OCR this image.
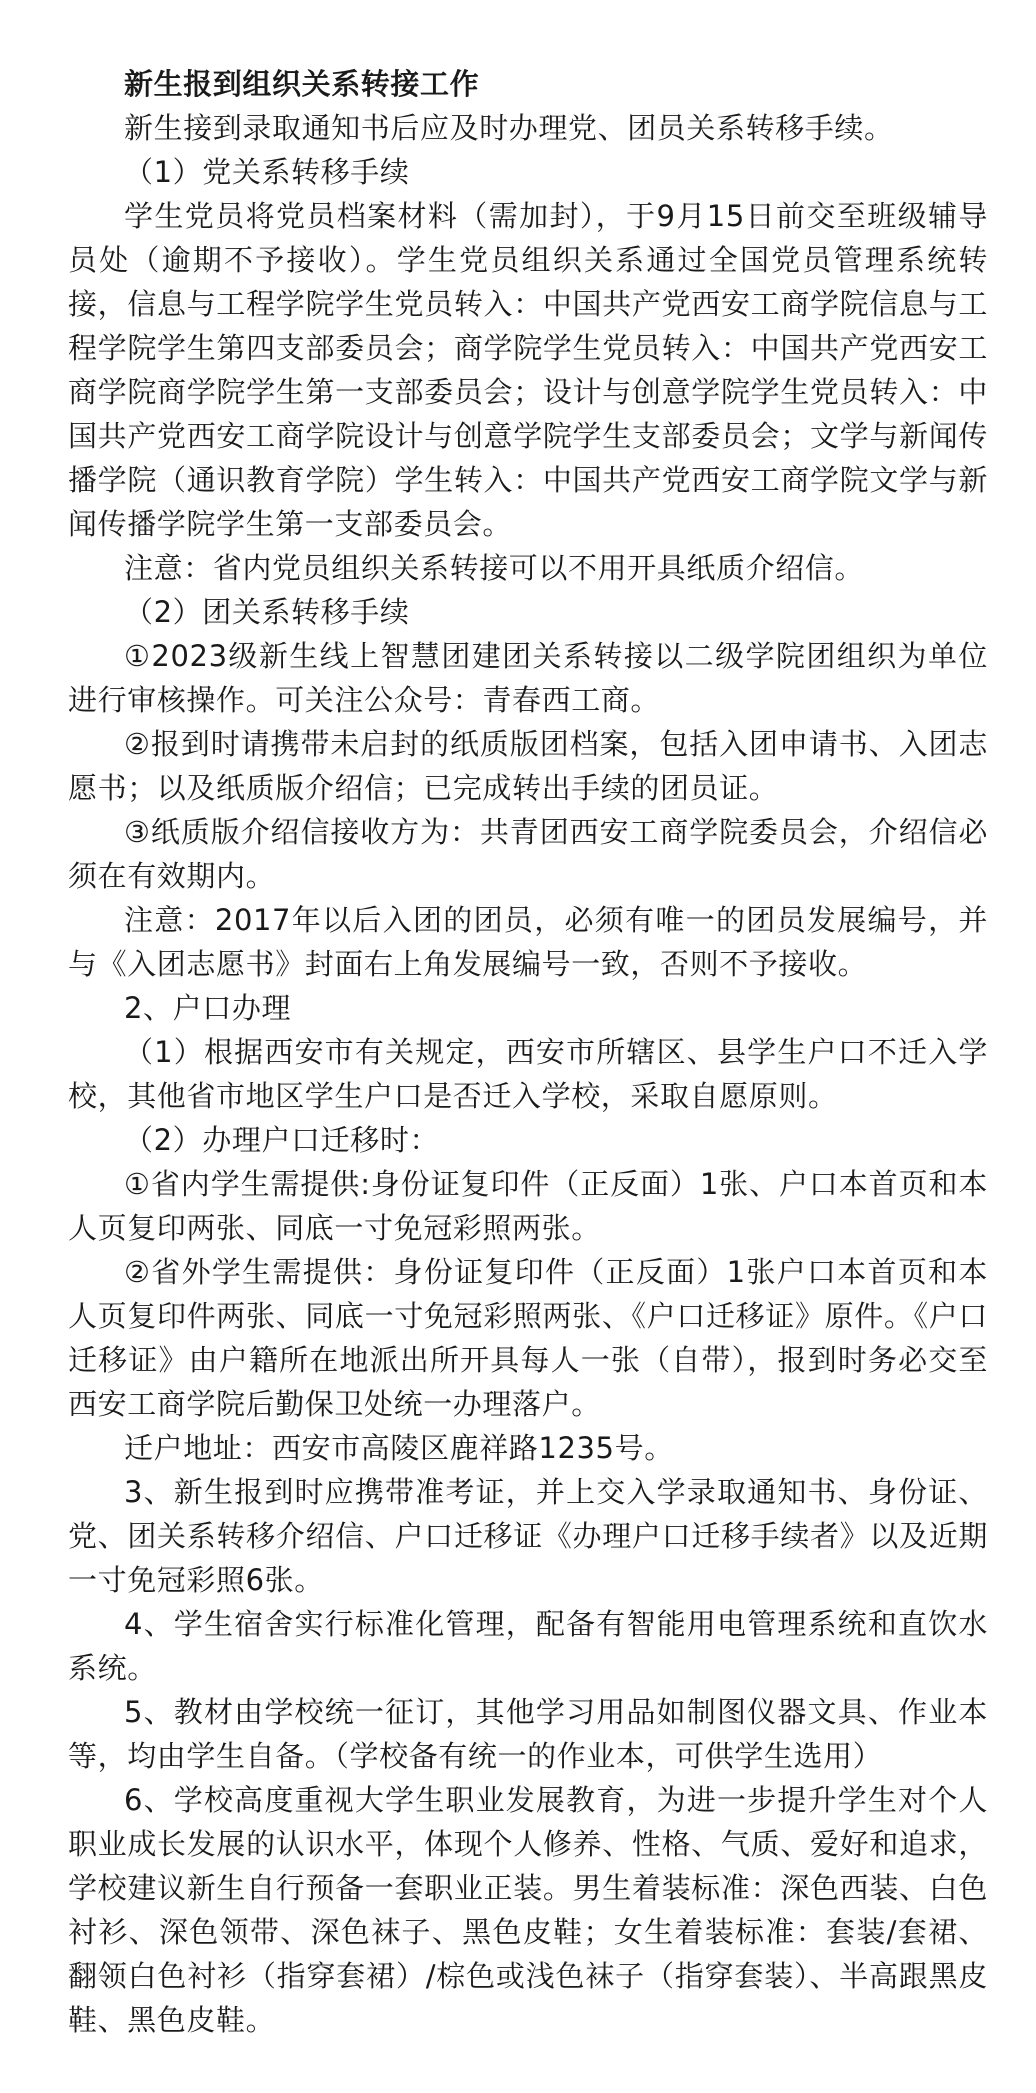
新生报到组织关系转接工作

新生接到录取通知书后应及时办理党、团员关系转移手续。

（1）党关系转移手续

学生党员将党员档案材料（需加封），于9月15日前交至班级辅导员处（逾期不予接收）。学生党员组织关系通过全国党员管理系统转接，信息与工程学院学生党员转入：中国共产党西安工商学院信息与工程学院学生第四支部委员会；商学院学生党员转入：中国共产党西安工商学院商学院学生第一支部委员会；设计与创意学院学生党员转入：中国共产党西安工商学院设计与创意学院学生支部委员会；文学与新闻传播学院（通识教育学院）学生转入：中国共产党西安工商学院文学与新闻传播学院学生第一支部委员会。

注意：省内党员组织关系转接可以不用开具纸质介绍信。

（2）团关系转移手续

①2023级新生线上智慧团建团关系转接以二级学院团组织为单位进行审核操作。可关注公众号：青春西工商。

②报到时请携带未启封的纸质版团档案，包括入团申请书、入团志愿书；以及纸质版介绍信；已完成转出手续的团员证。

③纸质版介绍信接收方为：共青团西安工商学院委员会，介绍信必须在有效期内。

注意：2017年以后入团的团员，必须有唯一的团员发展编号，并与《入团志愿书》封面右上角发展编号一致，否则不予接收。

2、户口办理

（1）根据西安市有关规定，西安市所辖区、县学生户口不迁入学校，其他省市地区学生户口是否迁入学校，采取自愿原则。

（2）办理户口迁移时：

①省内学生需提供:身份证复印件（正反面）1张、户口本首页和本人页复印两张、同底一寸免冠彩照两张。

②省外学生需提供：身份证复印件（正反面）1张户口本首页和本人页复印件两张、同底一寸免冠彩照两张、《户口迁移证》原件。《户口迁移证》由户籍所在地派出所开具每人一张（自带），报到时务必交至西安工商学院后勤保卫处统一办理落户。

迁户地址：西安市高陵区鹿祥路1235号。

3、新生报到时应携带准考证，并上交入学录取通知书、身份证、党、团关系转移介绍信、户口迁移证《办理户口迁移手续者》以及近期一寸免冠彩照6张。

4、学生宿舍实行标准化管理，配备有智能用电管理系统和直饮水系统。

5、教材由学校统一征订，其他学习用品如制图仪器文具、作业本等，均由学生自备。（学校备有统一的作业本，可供学生选用）

6、学校高度重视大学生职业发展教育，为进一步提升学生对个人职业成长发展的认识水平，体现个人修养、性格、气质、爱好和追求，学校建议新生自行预备一套职业正装。男生着装标准：深色西装、白色衬衫、深色领带、深色袜子、黑色皮鞋；女生着装标准：套装/套裙、翻领白色衬衫（指穿套裙）/棕色或浅色袜子（指穿套装）、半高跟黑皮鞋、黑色皮鞋。
